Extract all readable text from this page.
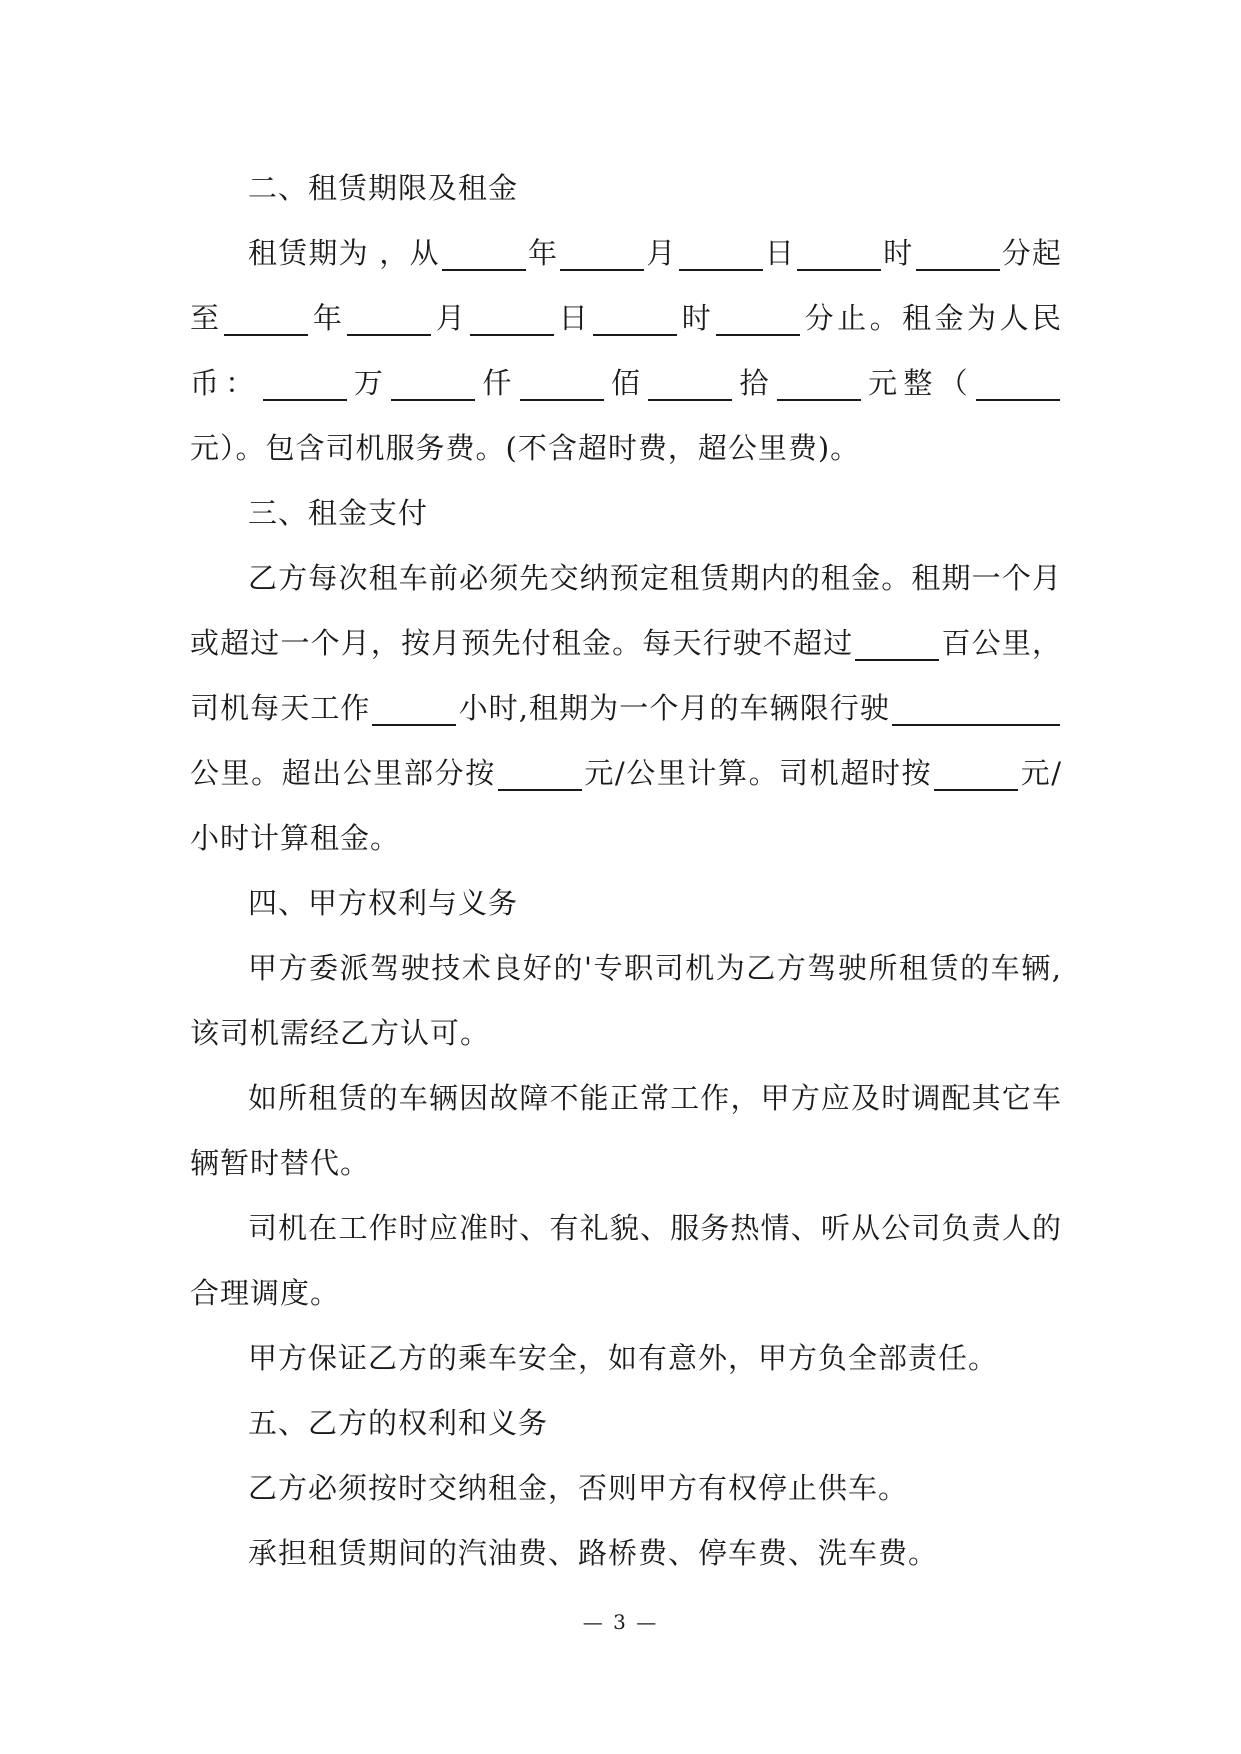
二、租赁期限及租金

租赁期为 ，从	年	月	日	时	分起至	年	月	日	时	分止。租金为人民币：	万	仟	佰	拾	元整（元）。包含司机服务费。(不含超时费，超公里费)。

三、租金支付

乙方每次租车前必须先交纳预定租赁期内的租金。租期一个月或超过一个月，按月预先付租金。每天行驶不超过	百公里，司机每天工作	小时,租期为一个月的车辆限行驶公里。超出公里部分按	元/公里计算。司机超时按	元/小时计算租金。

四、甲方权利与义务

甲方委派驾驶技术良好的'专职司机为乙方驾驶所租赁的车辆,该司机需经乙方认可。

如所租赁的车辆因故障不能正常工作，甲方应及时调配其它车辆暂时替代。

司机在工作时应准时、有礼貌、服务热情、听从公司负责人的合理调度。

甲方保证乙方的乘车安全，如有意外，甲方负全部责任。

五、乙方的权利和义务

乙方必须按时交纳租金，否则甲方有权停止供车。

承担租赁期间的汽油费、路桥费、停车费、洗车费。

— 3 —
